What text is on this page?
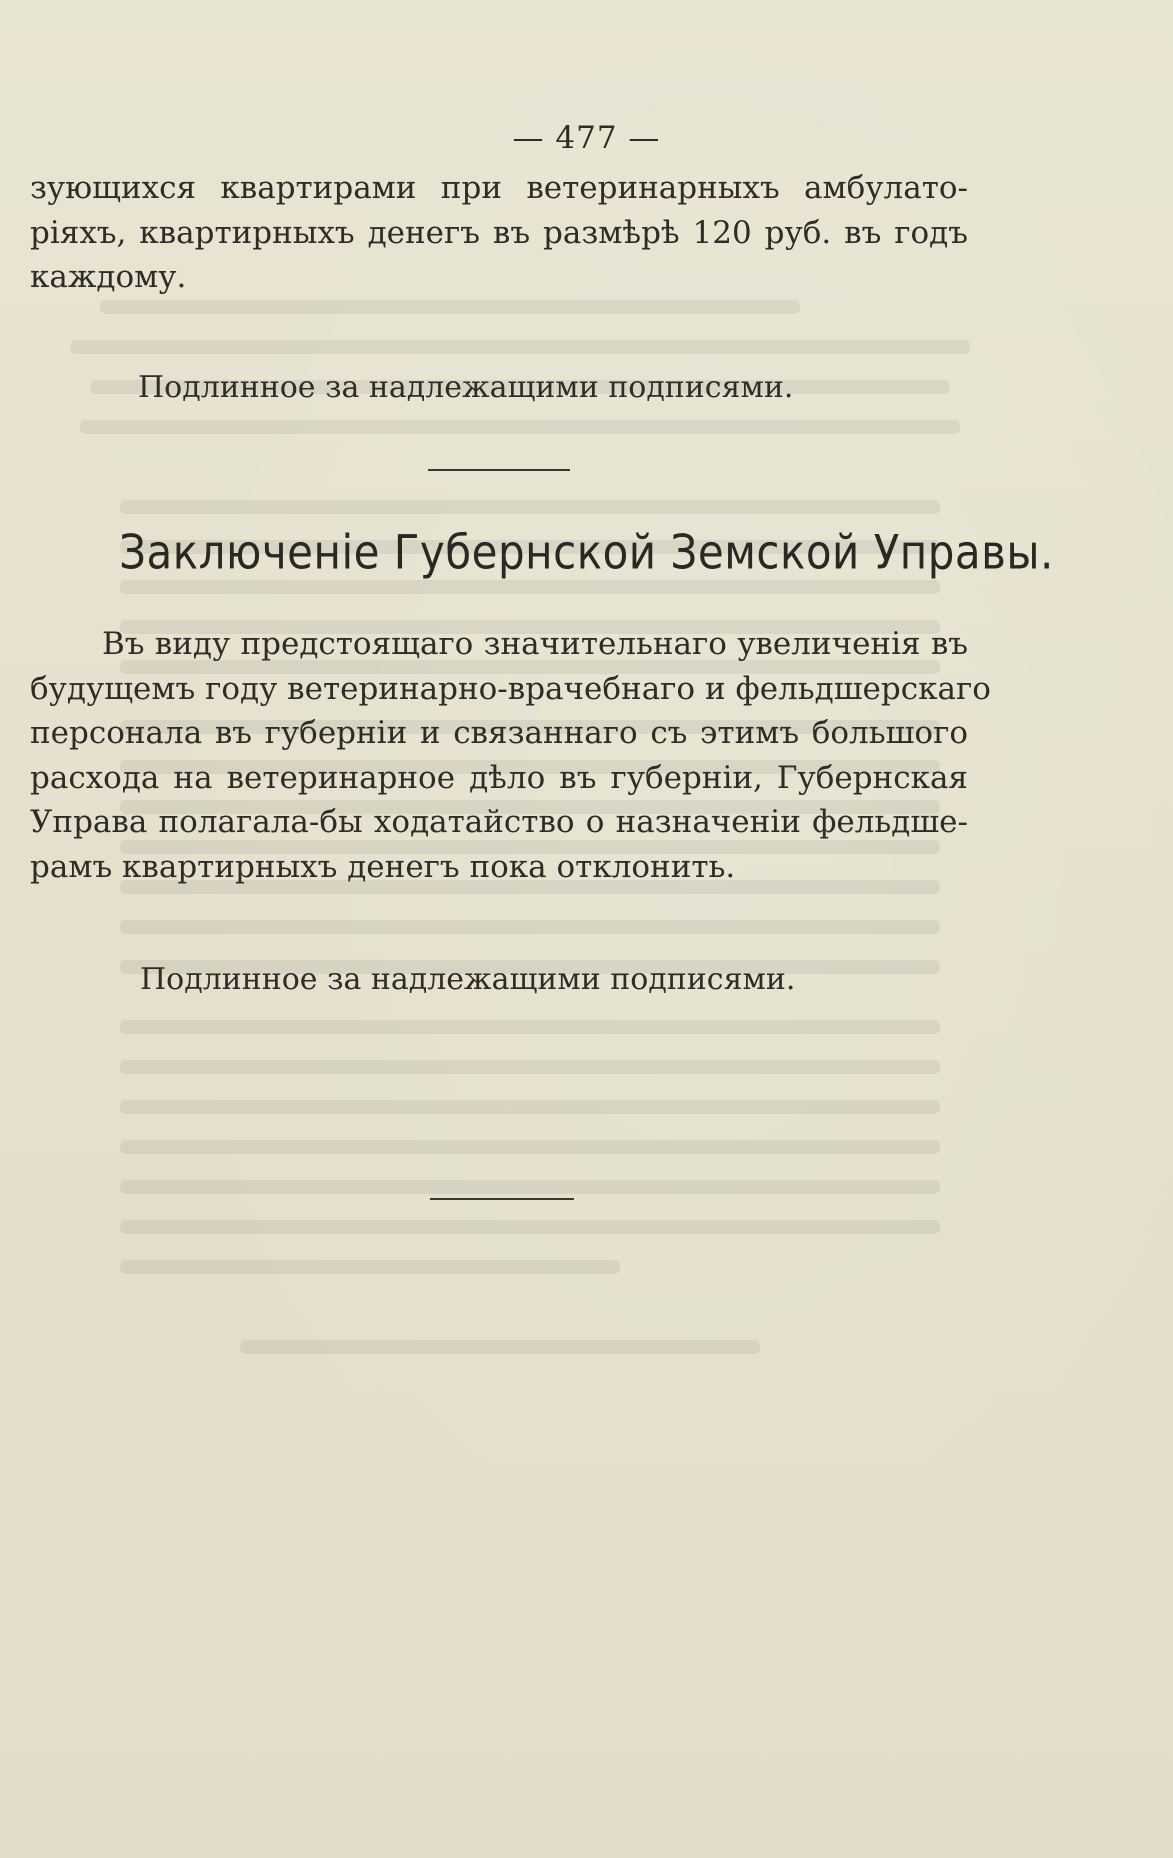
— 477 —
зующихся квартирами при ветеринарныхъ амбулато-
ріяхъ, квартирныхъ денегъ въ размѣрѣ 120 руб. въ годъ
каждому.
Подлинное за надлежащими подписями.
Заключеніе Губернской Земской Управы.
Въ виду предстоящаго значительнаго увеличенія въ
будущемъ году ветеринарно-врачебнаго и фельдшерскаго
персонала въ губерніи и связаннаго съ этимъ большого
расхода на ветеринарное дѣло въ губерніи, Губернская
Управа полагала-бы ходатайство о назначеніи фельдше-
рамъ квартирныхъ денегъ пока отклонить.
Подлинное за надлежащими подписями.
